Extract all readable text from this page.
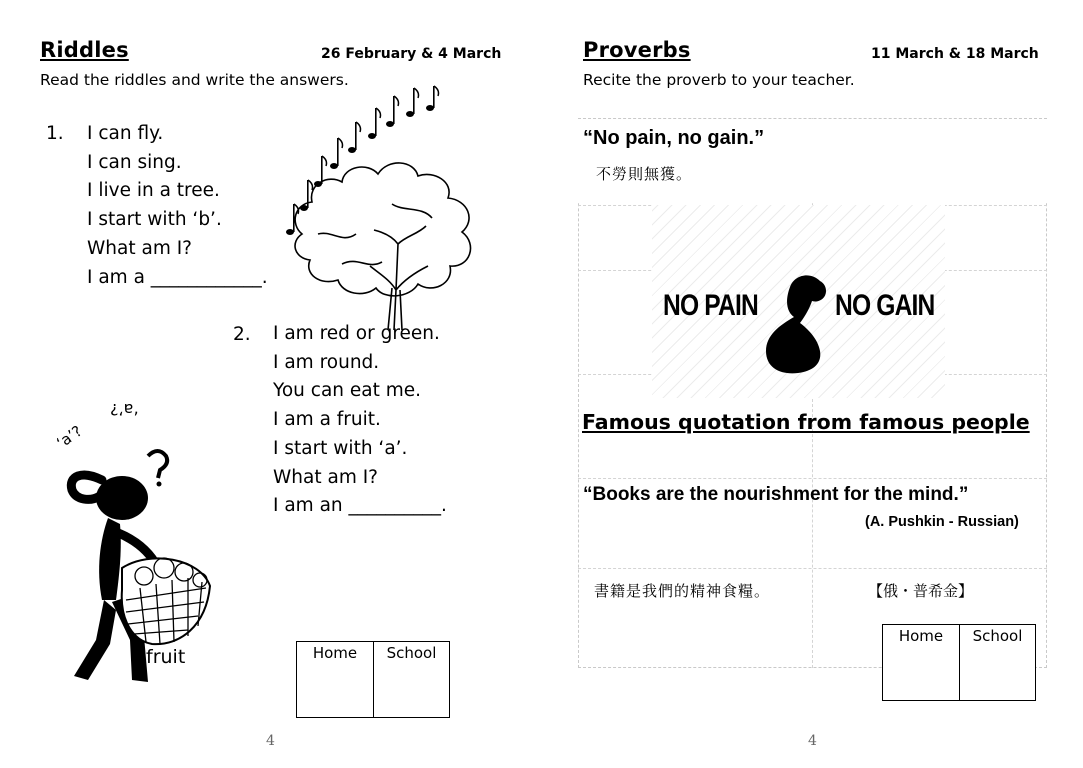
Riddles	26 February & 4 March
Read the riddles and write the answers.
1. I can fly.
I can sing.
I live in a tree.
I start with ‘b’.
What am I?
I am a ____________.
2. I am red or green.
I am round.
You can eat me.
I am a fruit.
I start with ‘a’.
What am I?
I am an __________.
‘a’?
‘a’?
fruit	Home	School
4
Proverbs	11 March & 18 March
Recite the proverb to your teacher.
“No pain, no gain.”
不勞則無獲。
NO PAIN	NO GAIN
Famous quotation from famous people
“Books are the nourishment for the mind.”
(A. Pushkin - Russian)
書籍是我們的精神食糧。	【俄・普希金】
Home	School
4
